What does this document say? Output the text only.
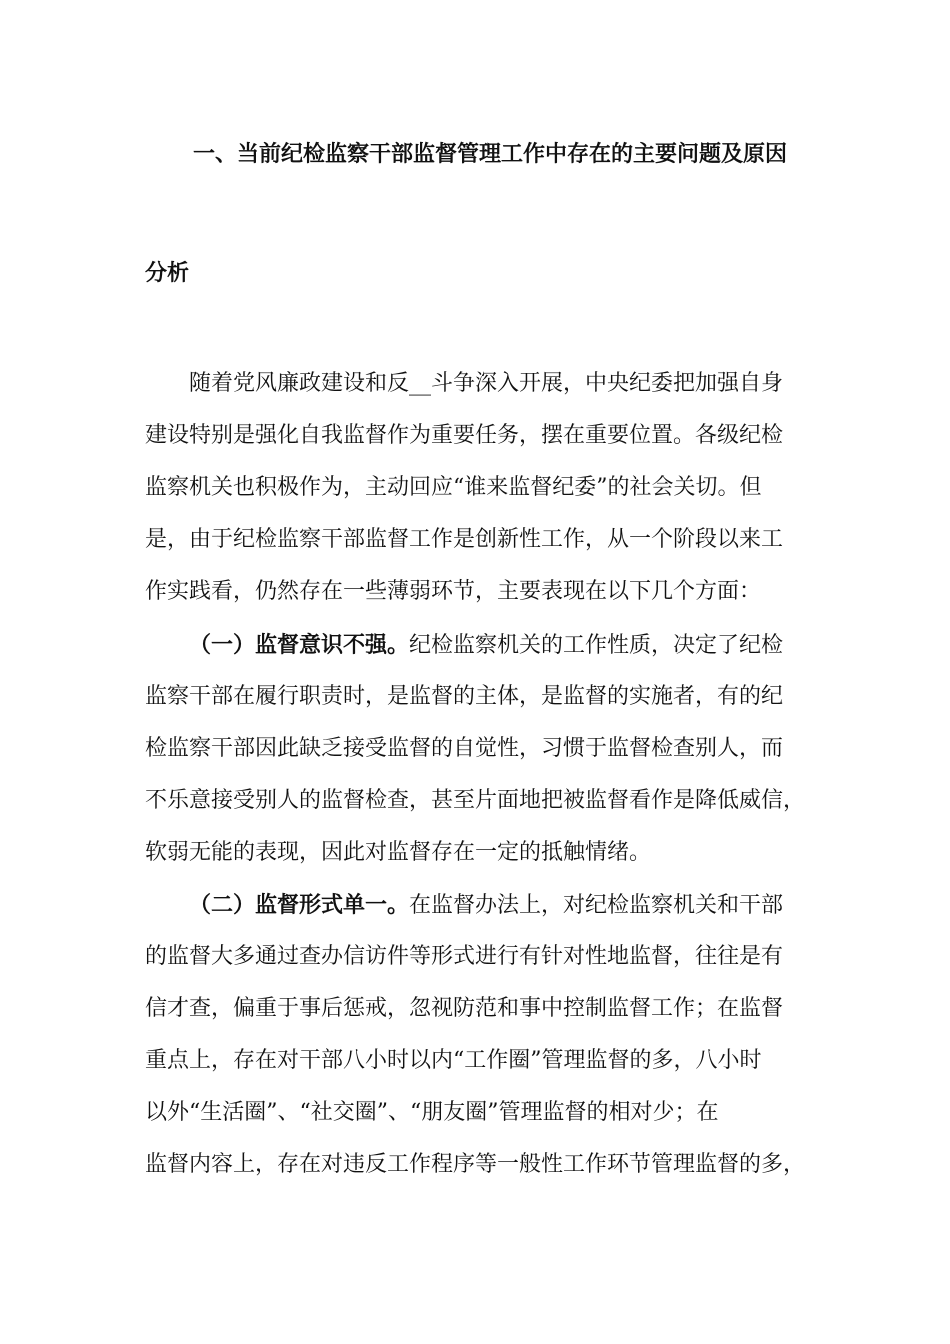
一、当前纪检监察干部监督管理工作中存在的主要问题及原因
分析
随着党风廉政建设和反__斗争深入开展，中央纪委把加强自身
建设特别是强化自我监督作为重要任务，摆在重要位置。各级纪检
监察机关也积极作为，主动回应“谁来监督纪委”的社会关切。但
是，由于纪检监察干部监督工作是创新性工作，从一个阶段以来工
作实践看，仍然存在一些薄弱环节，主要表现在以下几个方面：
（一）监督意识不强。纪检监察机关的工作性质，决定了纪检
监察干部在履行职责时，是监督的主体，是监督的实施者，有的纪
检监察干部因此缺乏接受监督的自觉性，习惯于监督检查别人，而
不乐意接受别人的监督检查，甚至片面地把被监督看作是降低威信，
软弱无能的表现，因此对监督存在一定的抵触情绪。
（二）监督形式单一。在监督办法上，对纪检监察机关和干部
的监督大多通过查办信访件等形式进行有针对性地监督，往往是有
信才查，偏重于事后惩戒，忽视防范和事中控制监督工作；在监督
重点上，存在对干部八小时以内“工作圈”管理监督的多，八小时
以外“生活圈”、“社交圈”、“朋友圈”管理监督的相对少；在
监督内容上，存在对违反工作程序等一般性工作环节管理监督的多，
